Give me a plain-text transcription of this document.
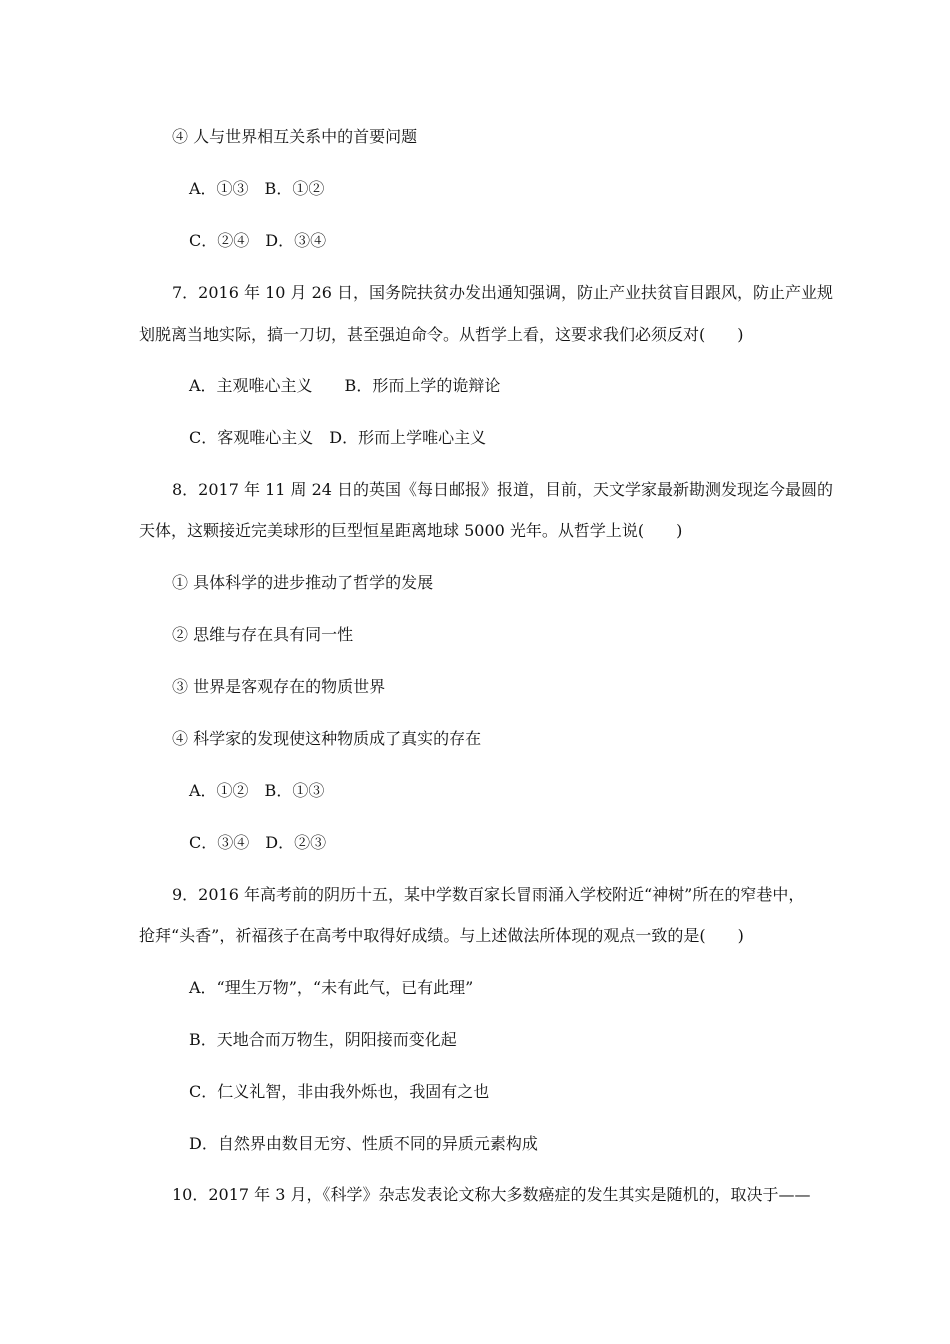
④ 人与世界相互关系中的首要问题
A．①③　B．①②
C．②④　D．③④
7．2016 年 10 月 26 日，国务院扶贫办发出通知强调，防止产业扶贫盲目跟风，防止产业规
划脱离当地实际，搞一刀切，甚至强迫命令。从哲学上看，这要求我们必须反对(　　)
A．主观唯心主义　　B．形而上学的诡辩论
C．客观唯心主义　D．形而上学唯心主义
8．2017 年 11 周 24 日的英国《每日邮报》报道，目前，天文学家最新勘测发现迄今最圆的
天体，这颗接近完美球形的巨型恒星距离地球 5000 光年。从哲学上说(　　)
① 具体科学的进步推动了哲学的发展
② 思维与存在具有同一性
③ 世界是客观存在的物质世界
④ 科学家的发现使这种物质成了真实的存在
A．①②　B．①③
C．③④　D．②③
9．2016 年高考前的阴历十五，某中学数百家长冒雨涌入学校附近“神树”所在的窄巷中，
抢拜“头香”，祈福孩子在高考中取得好成绩。与上述做法所体现的观点一致的是(　　)
A．“理生万物”，“未有此气，已有此理”
B．天地合而万物生，阴阳接而变化起
C．仁义礼智，非由我外烁也，我固有之也
D．自然界由数目无穷、性质不同的异质元素构成
10．2017 年 3 月，《科学》杂志发表论文称大多数癌症的发生其实是随机的，取决于——
